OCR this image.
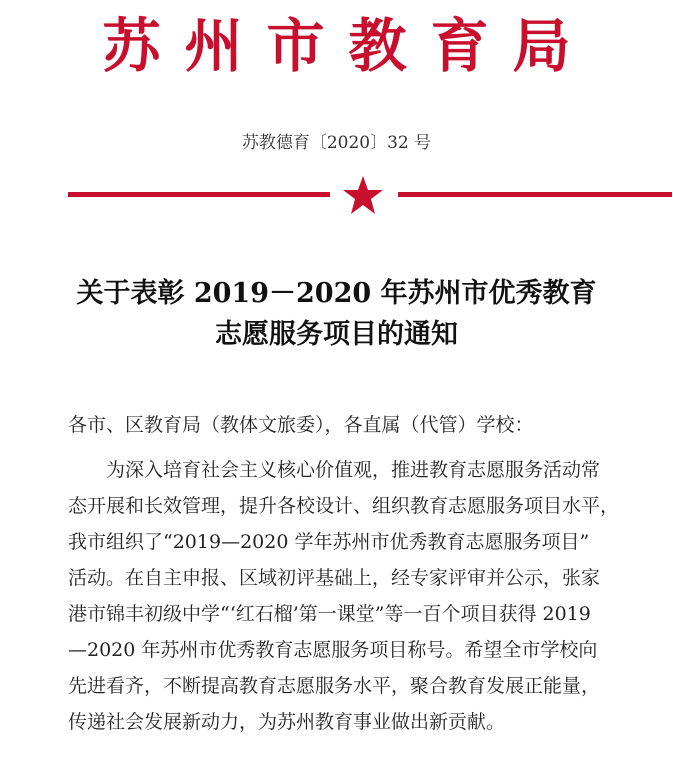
苏州市教育局
苏教德育〔2020〕32 号
关于表彰 2019－2020 年苏州市优秀教育
志愿服务项目的通知
各市、区教育局（教体文旅委），各直属（代管）学校：
为深入培育社会主义核心价值观，推进教育志愿服务活动常
态开展和长效管理，提升各校设计、组织教育志愿服务项目水平，
我市组织了“2019—2020 学年苏州市优秀教育志愿服务项目”
活动。在自主申报、区域初评基础上，经专家评审并公示，张家
港市锦丰初级中学“‘红石榴’第一课堂”等一百个项目获得 2019
—2020 年苏州市优秀教育志愿服务项目称号。希望全市学校向
先进看齐，不断提高教育志愿服务水平，聚合教育发展正能量，
传递社会发展新动力，为苏州教育事业做出新贡献。
